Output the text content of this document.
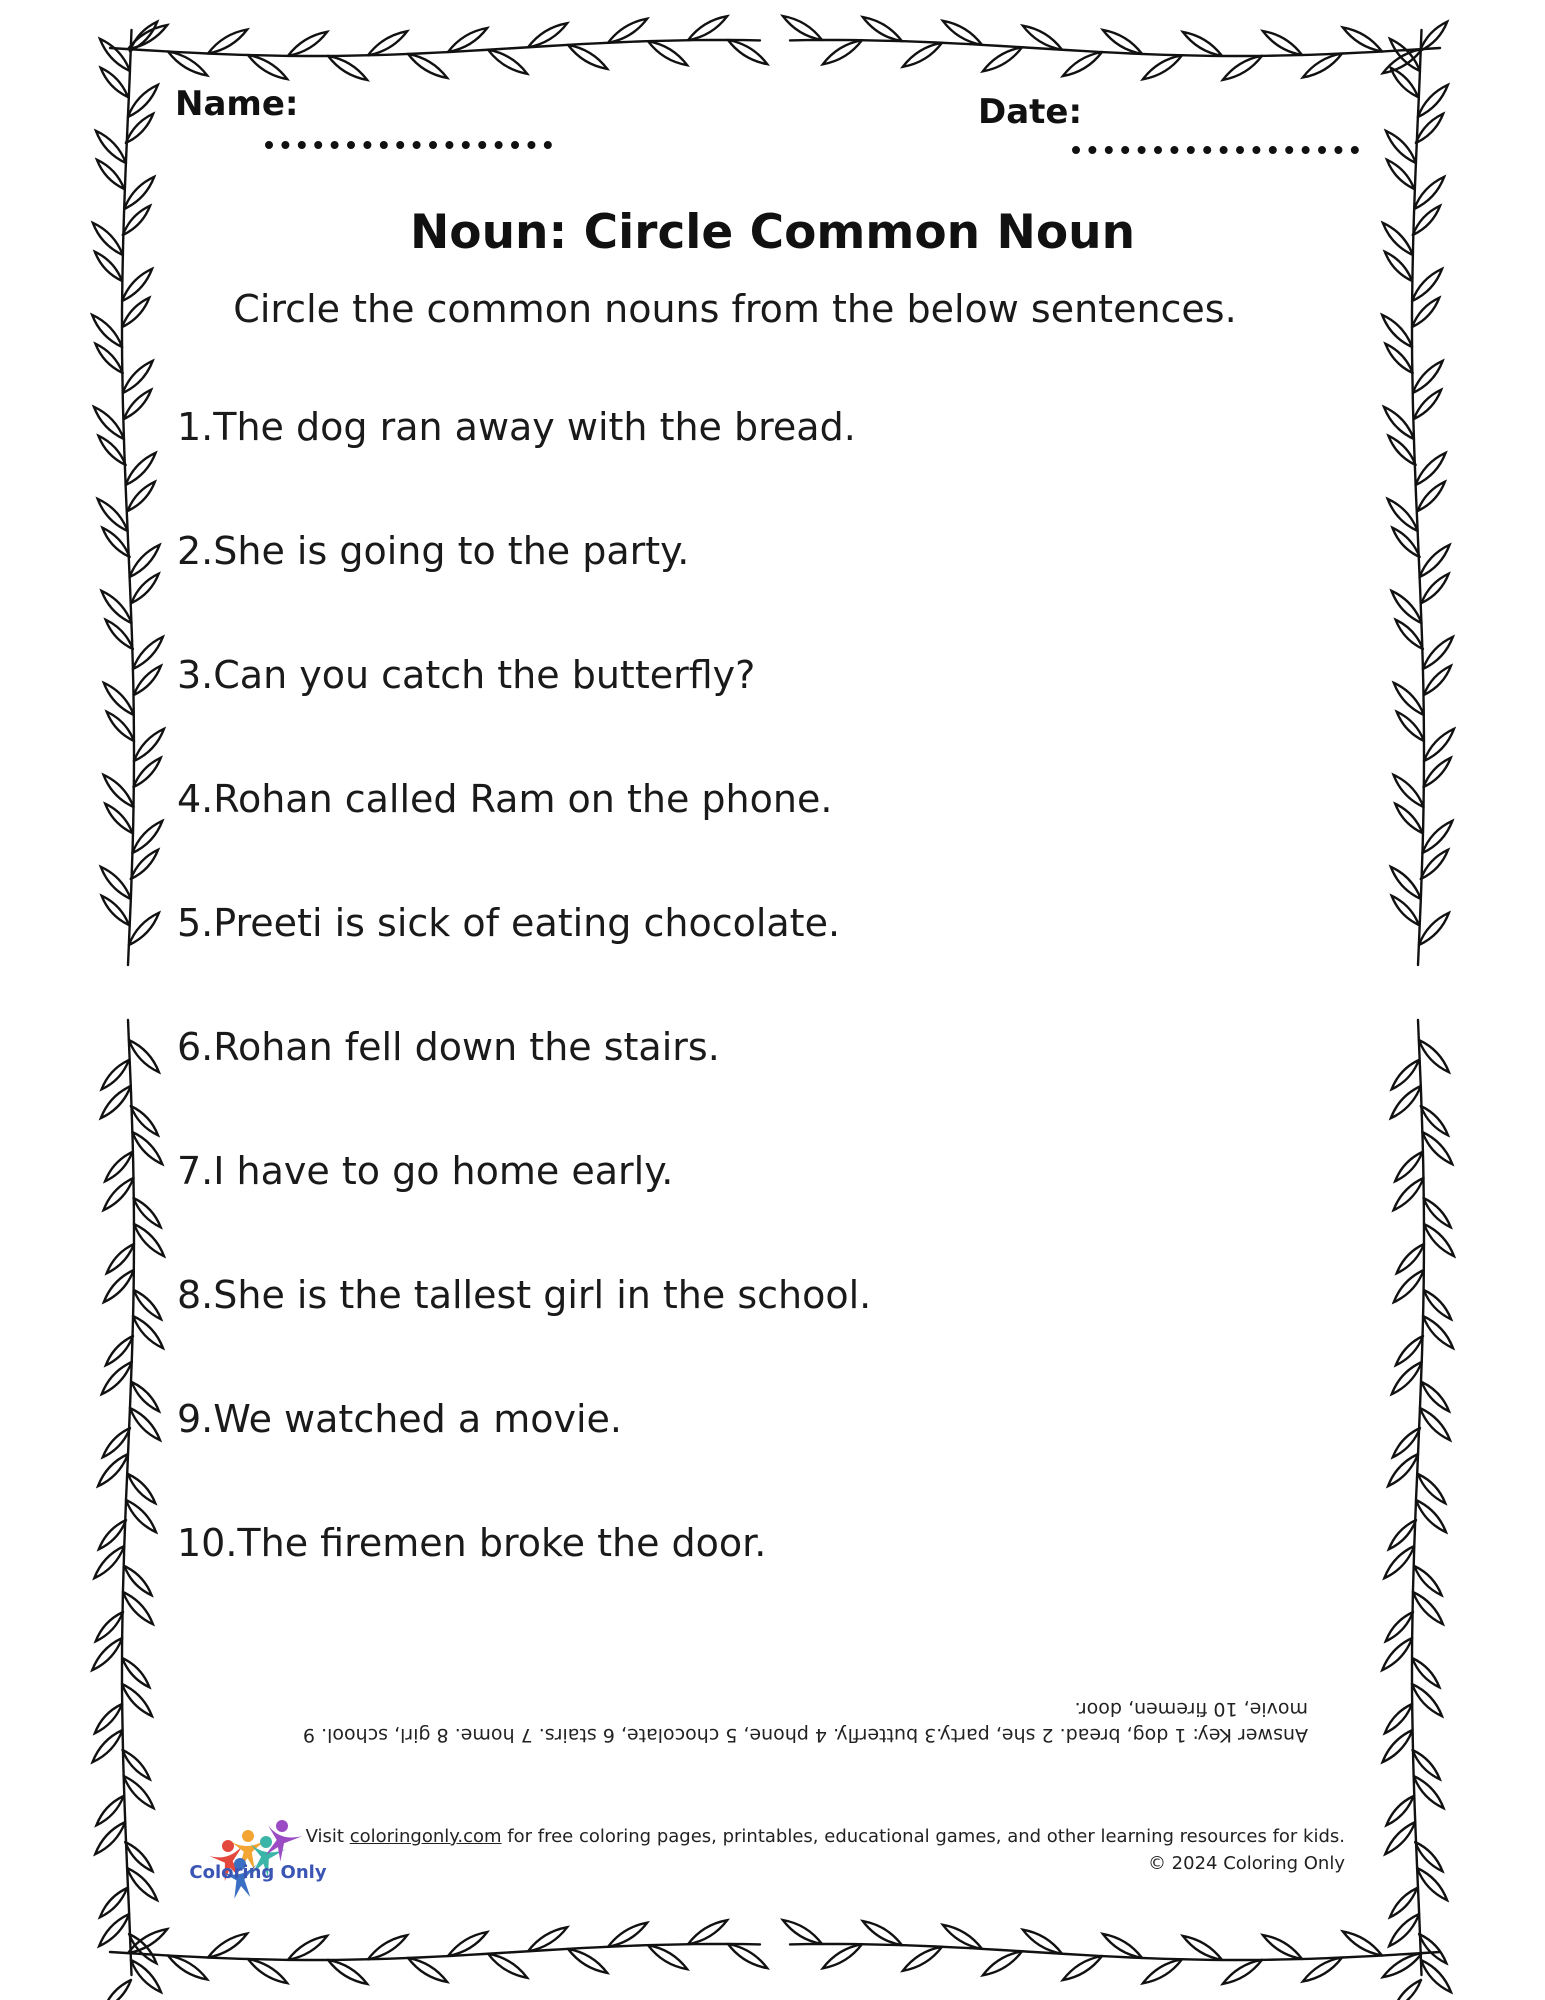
Name:	Date:
Noun: Circle Common Noun
Circle the common nouns from the below sentences.
1.The dog ran away with the bread.
2.She is going to the party.
3.Can you catch the butterfly?
4.Rohan called Ram on the phone.
5.Preeti is sick of eating chocolate.
6.Rohan fell down the stairs.
7.I have to go home early.
8.She is the tallest girl in the school.
9.We watched a movie.
10.The firemen broke the door.
Answer Key: 1 dog, bread. 2 she, party.3 butterfly. 4 phone, 5 chocolate, 6 stairs. 7 home. 8 girl, school. 9 movie, 10 firemen, door.
Coloring Only
Visit coloringonly.com for free coloring pages, printables, educational games, and other learning resources for kids.
© 2024 Coloring Only
